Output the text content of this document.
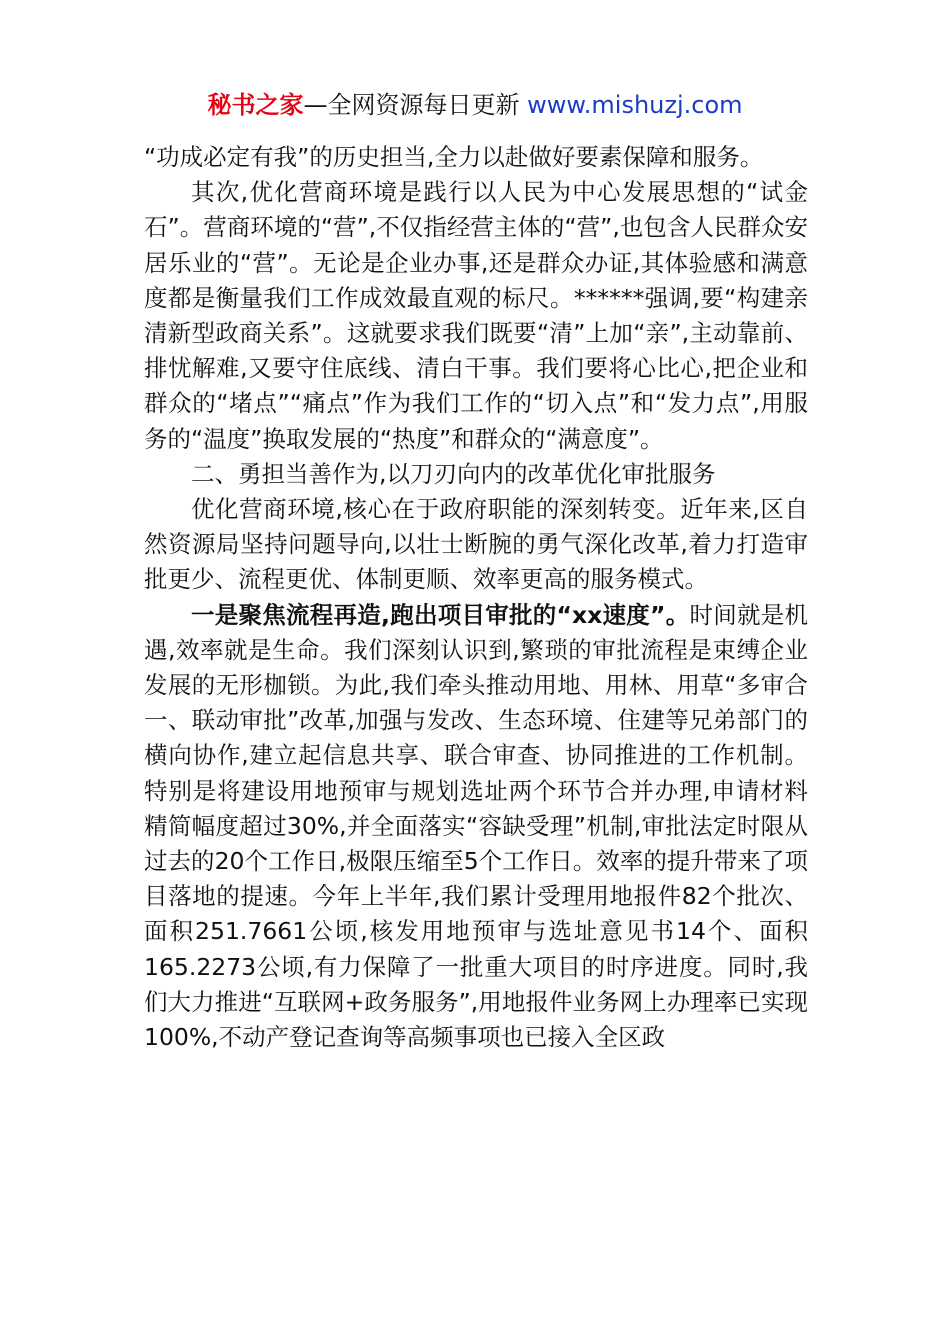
秘书之家—全网资源每日更新 www.mishuzj.com

“功成必定有我”的历史担当,全力以赴做好要素保障和服务。

其次,优化营商环境是践行以人民为中心发展思想的“试金石”。营商环境的“营”,不仅指经营主体的“营”,也包含人民群众安居乐业的“营”。无论是企业办事,还是群众办证,其体验感和满意度都是衡量我们工作成效最直观的标尺。******强调,要“构建亲清新型政商关系”。这就要求我们既要“清”上加“亲”,主动靠前、排忧解难,又要守住底线、清白干事。我们要将心比心,把企业和群众的“堵点”“痛点”作为我们工作的“切入点”和“发力点”,用服务的“温度”换取发展的“热度”和群众的“满意度”。

二、勇担当善作为,以刀刃向内的改革优化审批服务

优化营商环境,核心在于政府职能的深刻转变。近年来,区自然资源局坚持问题导向,以壮士断腕的勇气深化改革,着力打造审批更少、流程更优、体制更顺、效率更高的服务模式。

一是聚焦流程再造,跑出项目审批的“xx速度”。时间就是机遇,效率就是生命。我们深刻认识到,繁琐的审批流程是束缚企业发展的无形枷锁。为此,我们牵头推动用地、用林、用草“多审合一、联动审批”改革,加强与发改、生态环境、住建等兄弟部门的横向协作,建立起信息共享、联合审查、协同推进的工作机制。特别是将建设用地预审与规划选址两个环节合并办理,申请材料精简幅度超过30%,并全面落实“容缺受理”机制,审批法定时限从过去的20个工作日,极限压缩至5个工作日。效率的提升带来了项目落地的提速。今年上半年,我们累计受理用地报件82个批次、面积251.7661公顷,核发用地预审与选址意见书14个、面积165.2273公顷,有力保障了一批重大项目的时序进度。同时,我们大力推进“互联网+政务服务”,用地报件业务网上办理率已实现100%,不动产登记查询等高频事项也已接入全区政
